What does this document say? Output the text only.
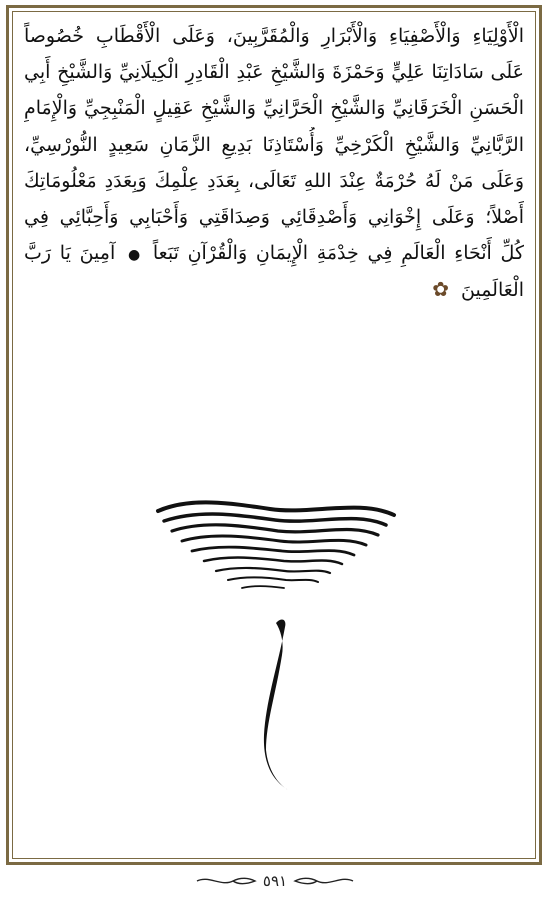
الْأَوْلِيَاءِ وَالْأَصْفِيَاءِ وَالْأَبْرَارِ وَالْمُقَرَّبِينَ، وَعَلَى الْأَقْطَابِ خُصُوصاً
عَلَى سَادَاتِنَا عَلِيٍّ وَحَمْزَةَ وَالشَّيْخِ عَبْدِ الْقَادِرِ الْكِيلَانِيِّ وَالشَّيْخِ أَبِي
الْحَسَنِ الْخَرَقَانِيِّ وَالشَّيْخِ الْحَرَّانِيِّ وَالشَّيْخِ عَقِيلٍ الْمَنْبِجِيِّ وَالْإِمَامِ
الرَّبَّانِيِّ وَالشَّيْخِ الْكَرْخِيِّ وَأُسْتَاذِنَا بَدِيعِ الزَّمَانِ سَعِيدٍ النُّورْسِيِّ،
وَعَلَى مَنْ لَهُ حُرْمَةٌ عِنْدَ اللهِ تَعَالَى، بِعَدَدِ عِلْمِكَ وَبِعَدَدِ مَعْلُومَاتِكَ
أَصْلاً؛ وَعَلَى إِخْوَانِي وَأَصْدِقَائِي وَصِدَاقَتِي وَأَحْبَابِي وَأَحِبَّائِي فِي
كُلِّ أَنْحَاءِ الْعَالَمِ فِي خِدْمَةِ الْإِيمَانِ وَالْقُرْآنِ تَبَعاً ● آمِينَ يَا رَبَّ
الْعَالَمِينَ ✿
٥٩١
